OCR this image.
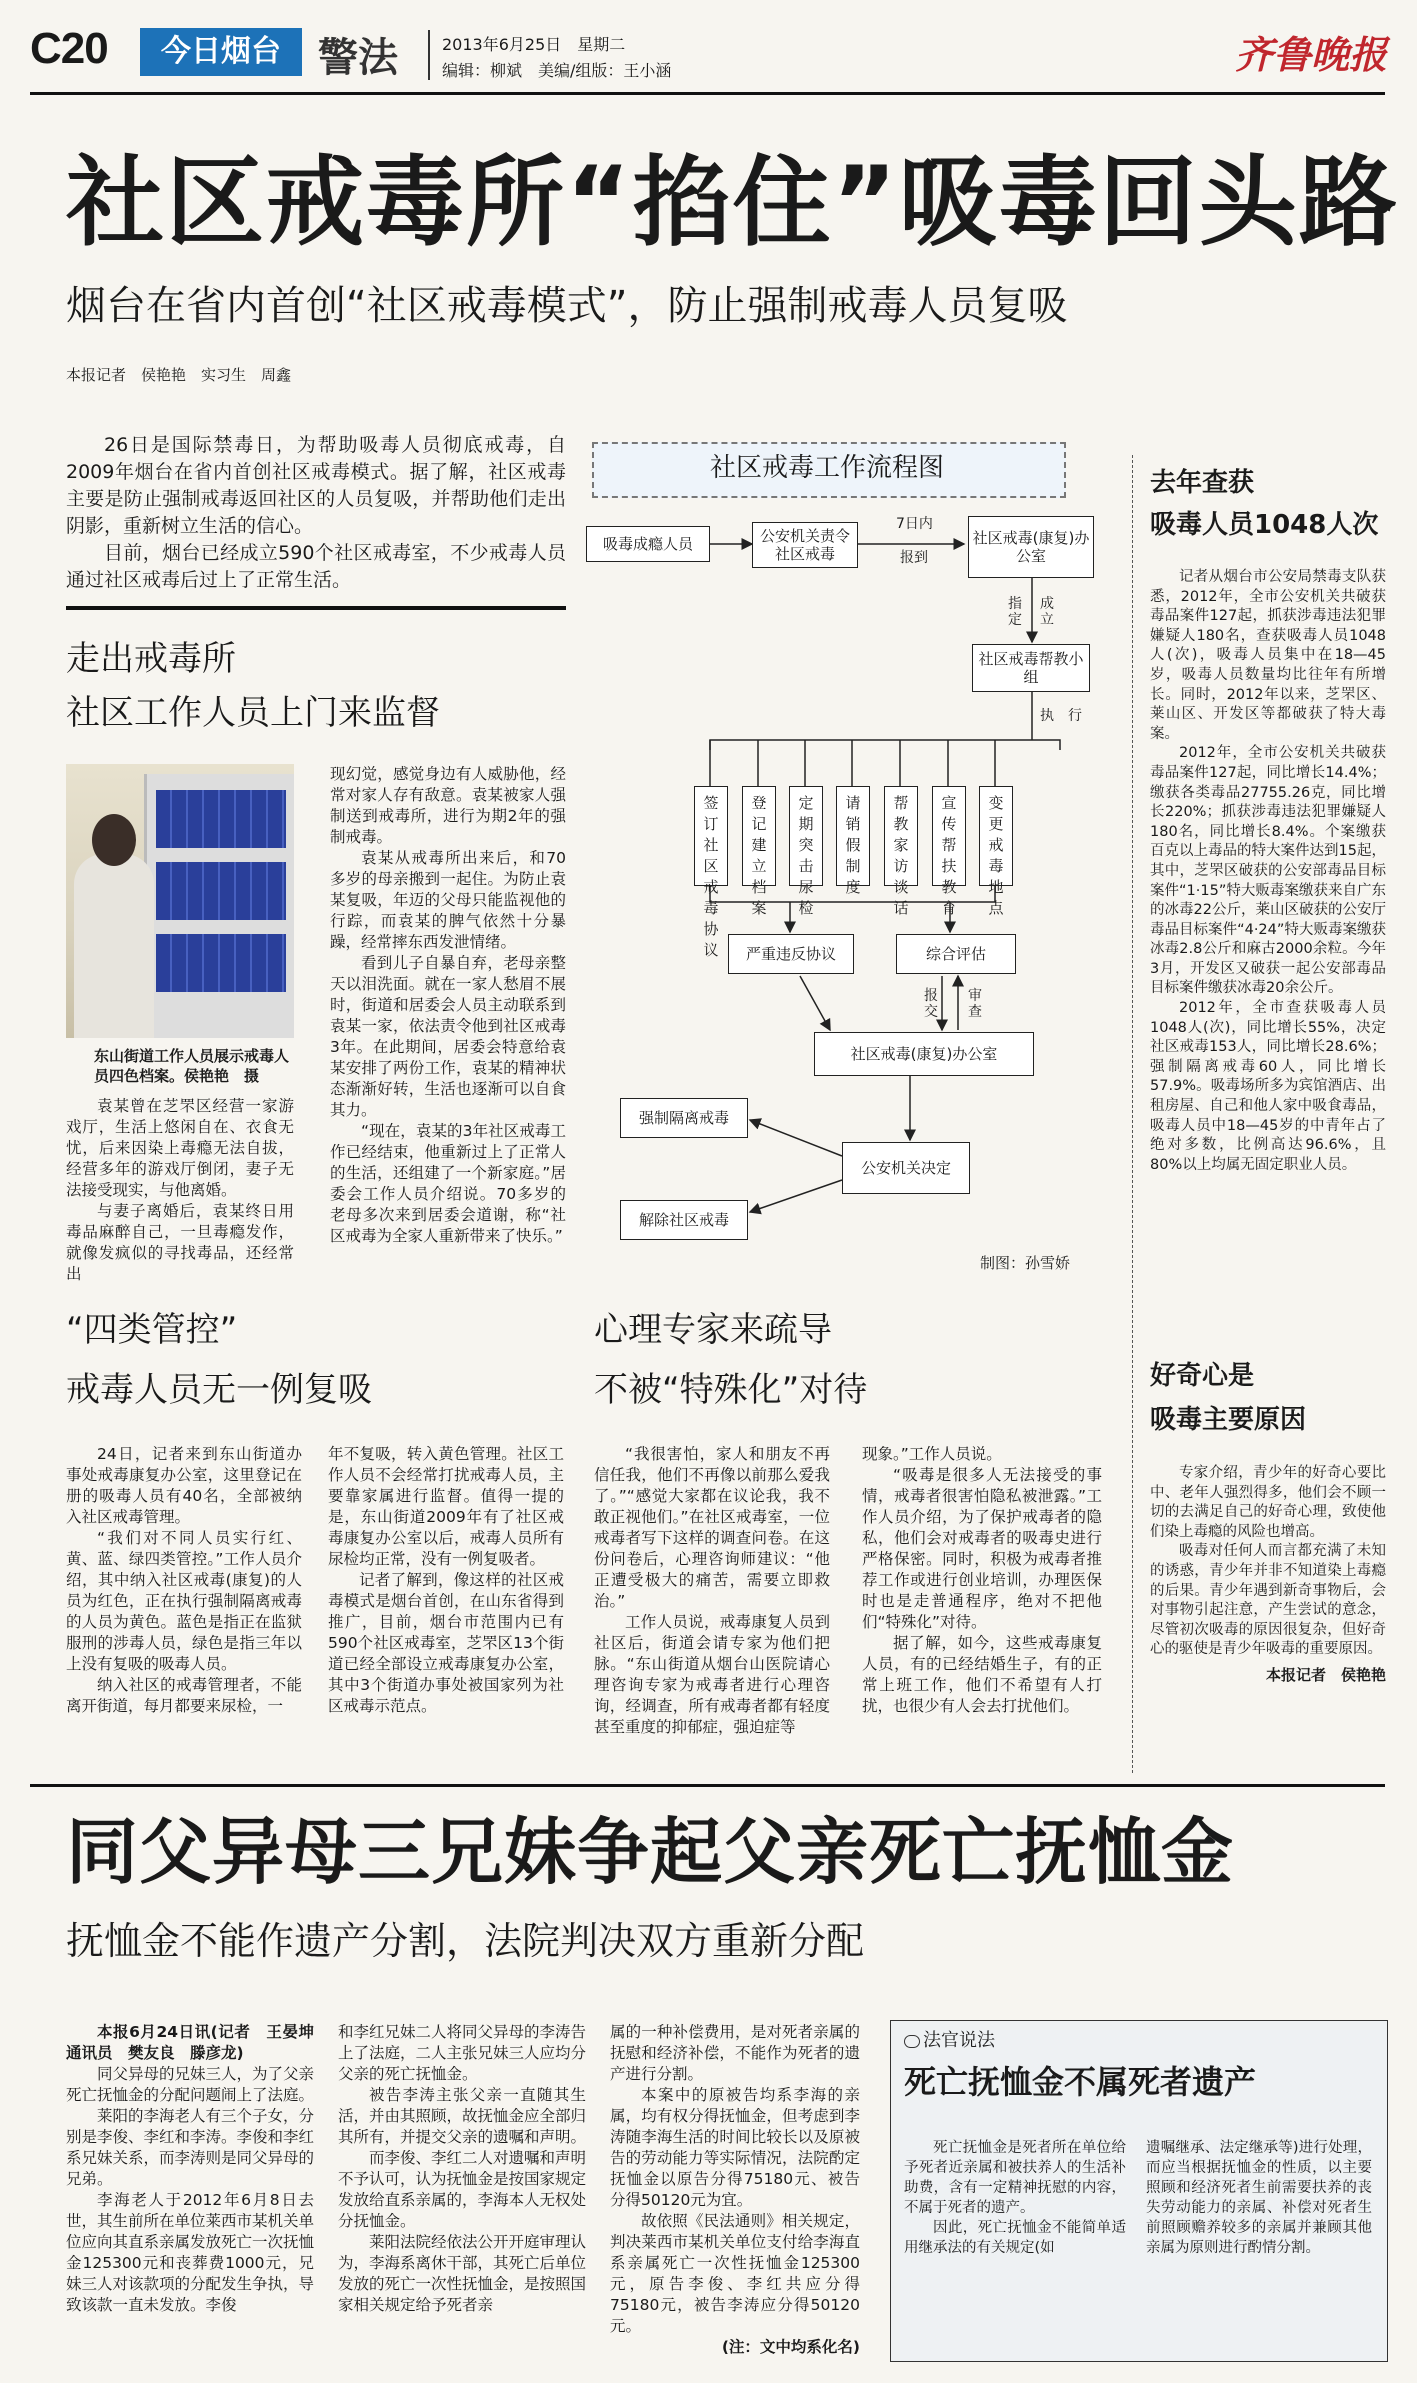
C20	今日烟台 警法	2013年6月25日　星期二
编辑：柳斌　美编/组版：王小涵	齐鲁晚报
社区戒毒所“掐住”吸毒回头路
烟台在省内首创“社区戒毒模式”，防止强制戒毒人员复吸
本报记者　侯艳艳　实习生　周鑫

26日是国际禁毒日，为帮助吸毒人员彻底戒毒，自2009年烟台在省内首创社区戒毒模式。据了解，社区戒毒主要是防止强制戒毒返回社区的人员复吸，并帮助他们走出阴影，重新树立生活的信心。

目前，烟台已经成立590个社区戒毒室，不少戒毒人员通过社区戒毒后过上了正常生活。

走出戒毒所
社区工作人员上门来监督
东山街道工作人员展示戒毒人员四色档案。侯艳艳　摄

袁某曾在芝罘区经营一家游戏厅，生活上悠闲自在、衣食无忧，后来因染上毒瘾无法自拔，经营多年的游戏厅倒闭，妻子无法接受现实，与他离婚。

与妻子离婚后，袁某终日用毒品麻醉自己，一旦毒瘾发作，就像发疯似的寻找毒品，还经常出

现幻觉，感觉身边有人威胁他，经常对家人存有敌意。袁某被家人强制送到戒毒所，进行为期2年的强制戒毒。

袁某从戒毒所出来后，和70多岁的母亲搬到一起住。为防止袁某复吸，年迈的父母只能监视他的行踪，而袁某的脾气依然十分暴躁，经常摔东西发泄情绪。

看到儿子自暴自弃，老母亲整天以泪洗面。就在一家人愁眉不展时，街道和居委会人员主动联系到袁某一家，依法责令他到社区戒毒3年。在此期间，居委会特意给袁某安排了两份工作，袁某的精神状态渐渐好转，生活也逐渐可以自食其力。

“现在，袁某的3年社区戒毒工作已经结束，他重新过上了正常人的生活，还组建了一个新家庭。”居委会工作人员介绍说。70多岁的老母多次来到居委会道谢，称“社区戒毒为全家人重新带来了快乐。”

社区戒毒工作流程图
吸毒成瘾人员	公安机关责令社区戒毒
7日内
报到
社区戒毒(康复)办公室
指定
成立
社区戒毒帮教小组
执　行
签订社区戒毒协议
登记建立档案
定期突击尿检
请销假制度
帮教家访谈话
宣传帮扶教育
变更戒毒地点
严重违反协议	综合评估
报交
审查
社区戒毒(康复)办公室
强制隔离戒毒
公安机关决定
解除社区戒毒
制图：孙雪娇
去年查获
吸毒人员1048人次

记者从烟台市公安局禁毒支队获悉，2012年，全市公安机关共破获毒品案件127起，抓获涉毒违法犯罪嫌疑人180名，查获吸毒人员1048人(次)，吸毒人员集中在18—45岁，吸毒人员数量均比往年有所增长。同时，2012年以来，芝罘区、莱山区、开发区等都破获了特大毒案。

2012年，全市公安机关共破获毒品案件127起，同比增长14.4%；缴获各类毒品27755.26克，同比增长220%；抓获涉毒违法犯罪嫌疑人180名，同比增长8.4%。个案缴获百克以上毒品的特大案件达到15起，其中，芝罘区破获的公安部毒品目标案件“1·15”特大贩毒案缴获来自广东的冰毒22公斤，莱山区破获的公安厅毒品目标案件“4·24”特大贩毒案缴获冰毒2.8公斤和麻古2000余粒。今年3月，开发区又破获一起公安部毒品目标案件缴获冰毒20余公斤。

2012年，全市查获吸毒人员1048人(次)，同比增长55%，决定社区戒毒153人，同比增长28.6%；强制隔离戒毒60人，同比增长57.9%。吸毒场所多为宾馆酒店、出租房屋、自己和他人家中吸食毒品，吸毒人员中18—45岁的中青年占了绝对多数，比例高达96.6%，且80%以上均属无固定职业人员。

好奇心是
吸毒主要原因

专家介绍，青少年的好奇心要比中、老年人强烈得多，他们会不顾一切的去满足自己的好奇心理，致使他们染上毒瘾的风险也增高。

吸毒对任何人而言都充满了未知的诱惑，青少年并非不知道染上毒瘾的后果。青少年遇到新奇事物后，会对事物引起注意，产生尝试的意念，尽管初次吸毒的原因很复杂，但好奇心的驱使是青少年吸毒的重要原因。

本报记者　侯艳艳
“四类管控”
戒毒人员无一例复吸

24日，记者来到东山街道办事处戒毒康复办公室，这里登记在册的吸毒人员有40名，全部被纳入社区戒毒管理。

“我们对不同人员实行红、黄、蓝、绿四类管控。”工作人员介绍，其中纳入社区戒毒(康复)的人员为红色，正在执行强制隔离戒毒的人员为黄色。蓝色是指正在监狱服刑的涉毒人员，绿色是指三年以上没有复吸的吸毒人员。

纳入社区的戒毒管理者，不能离开街道，每月都要来尿检，一

年不复吸，转入黄色管理。社区工作人员不会经常打扰戒毒人员，主要靠家属进行监督。值得一提的是，东山街道2009年有了社区戒毒康复办公室以后，戒毒人员所有尿检均正常，没有一例复吸者。

记者了解到，像这样的社区戒毒模式是烟台首创，在山东省得到推广，目前，烟台市范围内已有590个社区戒毒室，芝罘区13个街道已经全部设立戒毒康复办公室，其中3个街道办事处被国家列为社区戒毒示范点。

心理专家来疏导
不被“特殊化”对待

“我很害怕，家人和朋友不再信任我，他们不再像以前那么爱我了。”“感觉大家都在议论我，我不敢正视他们。”在社区戒毒室，一位戒毒者写下这样的调查问卷。在这份问卷后，心理咨询师建议：“他正遭受极大的痛苦，需要立即救治。”

工作人员说，戒毒康复人员到社区后，街道会请专家为他们把脉。“东山街道从烟台山医院请心理咨询专家为戒毒者进行心理咨询，经调查，所有戒毒者都有轻度甚至重度的抑郁症，强迫症等

现象。”工作人员说。

“吸毒是很多人无法接受的事情，戒毒者很害怕隐私被泄露。”工作人员介绍，为了保护戒毒者的隐私，他们会对戒毒者的吸毒史进行严格保密。同时，积极为戒毒者推荐工作或进行创业培训，办理医保时也是走普通程序，绝对不把他们“特殊化”对待。

据了解，如今，这些戒毒康复人员，有的已经结婚生子，有的正常上班工作，他们不希望有人打扰，也很少有人会去打扰他们。

同父异母三兄妹争起父亲死亡抚恤金
抚恤金不能作遗产分割，法院判决双方重新分配
本报6月24日讯(记者　王晏坤　通讯员　樊友良　滕彦龙)

同父异母的兄妹三人，为了父亲死亡抚恤金的分配问题闹上了法庭。

莱阳的李海老人有三个子女，分别是李俊、李红和李涛。李俊和李红系兄妹关系，而李涛则是同父异母的兄弟。

李海老人于2012年6月8日去世，其生前所在单位莱西市某机关单位应向其直系亲属发放死亡一次抚恤金125300元和丧葬费1000元，兄妹三人对该款项的分配发生争执，导致该款一直未发放。李俊

和李红兄妹二人将同父异母的李涛告上了法庭，二人主张兄妹三人应均分父亲的死亡抚恤金。

被告李涛主张父亲一直随其生活，并由其照顾，故抚恤金应全部归其所有，并提交父亲的遗嘱和声明。

而李俊、李红二人对遗嘱和声明不予认可，认为抚恤金是按国家规定发放给直系亲属的，李海本人无权处分抚恤金。

莱阳法院经依法公开开庭审理认为，李海系离休干部，其死亡后单位发放的死亡一次性抚恤金，是按照国家相关规定给予死者亲

属的一种补偿费用，是对死者亲属的抚慰和经济补偿，不能作为死者的遗产进行分割。

本案中的原被告均系李海的亲属，均有权分得抚恤金，但考虑到李涛随李海生活的时间比较长以及原被告的劳动能力等实际情况，法院酌定抚恤金以原告分得75180元、被告分得50120元为宜。

故依照《民法通则》相关规定，判决莱西市某机关单位支付给李海直系亲属死亡一次性抚恤金125300元，原告李俊、李红共应分得75180元，被告李涛应分得50120元。

(注：文中均系化名)
法官说法
死亡抚恤金不属死者遗产

死亡抚恤金是死者所在单位给予死者近亲属和被扶养人的生活补助费，含有一定精神抚慰的内容，不属于死者的遗产。

因此，死亡抚恤金不能简单适用继承法的有关规定(如

遗嘱继承、法定继承等)进行处理，而应当根据抚恤金的性质，以主要照顾和经济死者生前需要扶养的丧失劳动能力的亲属、补偿对死者生前照顾赡养较多的亲属并兼顾其他亲属为原则进行酌情分割。
